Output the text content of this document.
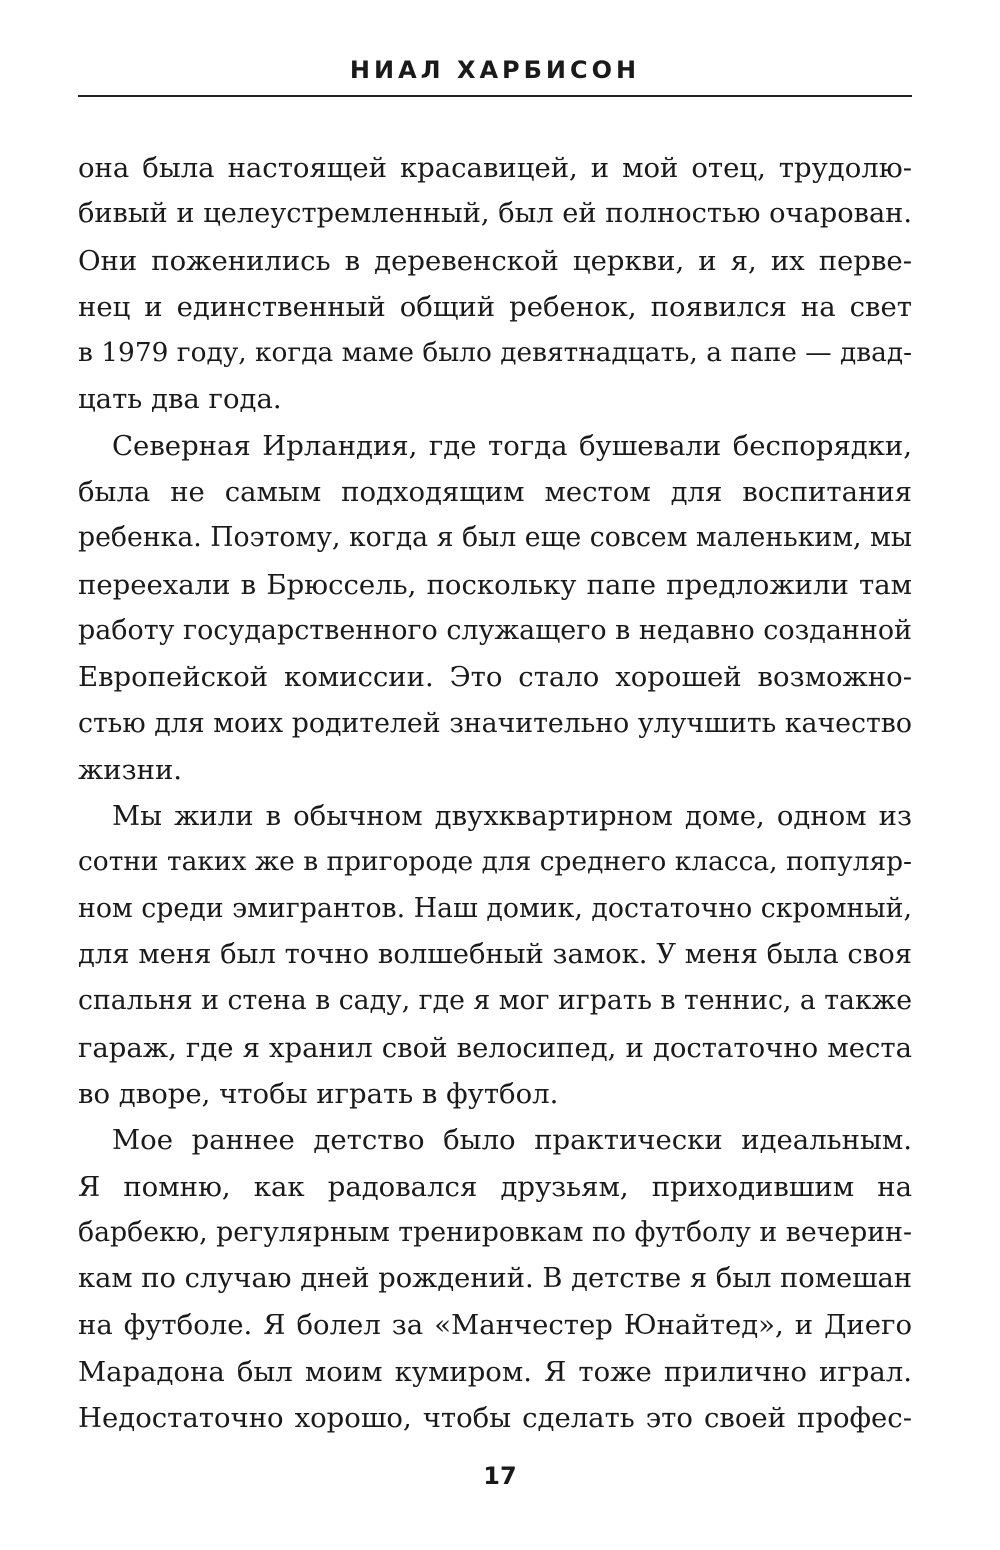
НИАЛ ХАРБИСОН
она была настоящей красавицей, и мой отец, трудолю-
бивый и целеустремленный, был ей полностью очарован.
Они поженились в деревенской церкви, и я, их перве-
нец и единственный общий ребенок, появился на свет
в 1979 году, когда маме было девятнадцать, а папе — двад-
цать два года.
Северная Ирландия, где тогда бушевали беспорядки,
была не самым подходящим местом для воспитания
ребенка. Поэтому, когда я был еще совсем маленьким, мы
переехали в Брюссель, поскольку папе предложили там
работу государственного служащего в недавно созданной
Европейской комиссии. Это стало хорошей возможно-
стью для моих родителей значительно улучшить качество
жизни.
Мы жили в обычном двухквартирном доме, одном из
сотни таких же в пригороде для среднего класса, популяр-
ном среди эмигрантов. Наш домик, достаточно скромный,
для меня был точно волшебный замок. У меня была своя
спальня и стена в саду, где я мог играть в теннис, а также
гараж, где я хранил свой велосипед, и достаточно места
во дворе, чтобы играть в футбол.
Мое раннее детство было практически идеальным.
Я помню, как радовался друзьям, приходившим на
барбекю, регулярным тренировкам по футболу и вечерин-
кам по случаю дней рождений. В детстве я был помешан
на футболе. Я болел за «Манчестер Юнайтед», и Диего
Марадона был моим кумиром. Я тоже прилично играл.
Недостаточно хорошо, чтобы сделать это своей профес-
17
